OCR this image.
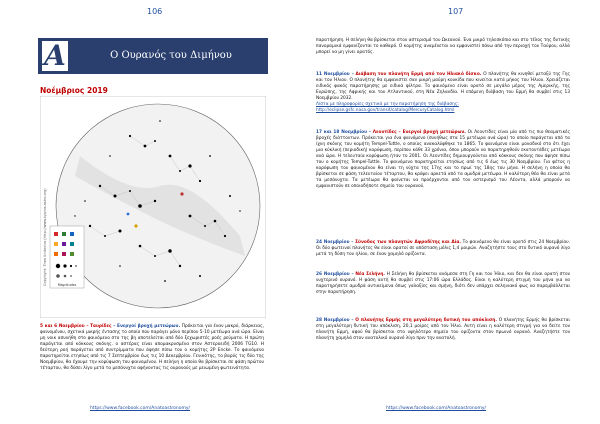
106	107
A	Ο Ουρανός του Διμήνου
Νοέμβριος 2019
Magnitudes
Copyright: Theo Knitonios (http://www.kypros-astro.org)

5 και 6 Νοεμβρίου – Ταυρίδες – Ενεργοί βροχή μετεώρων. Πρόκειται για έναν μακρύ, διάρκειας, φαινομένου, σχετικά μικρής έντασης το οποίο που παράγει μόνο περίπου 5-10 μετέωρα ανά ώρα. Είναι μη νοικ ασυνήθη στο φαινόμενο στο της βη αποτελείται από δύο ξεχωριστές ροές ρεύματα. Η πρώτη παράγεται από κόκκους σκόνης. ο αστέρας είναι απομακρυσμένα στον Αστεροειδή 2006 TG10. Η δεύτερη ροή παράγεται από συντρίμματα που άφησε πίσω του ο κομήτης 2P Encke. Το φαινόμενο παρατηρείται ετησίως από τις 7 Σεπτεμβρίου έως τις 10 Δεκεμβρίου. Γενικότης, το βαρύς τις δύο της Νοεμβρίου, θα έχουμε την κορύφωση του φαινομένου. Η σελήνη η οποία θα βρίσκεται σε φάση πρώτου τέταρτου, θα δύσει λίγο μετά τα μεσάνυχτα αφήνοντας τις ουρανούς με μειωμένη φωτεινότητα.

https://www.facebook.com/Anatoastronomy/

παρατήρηση. Η σελήνη θα βρίσκεται στον αστερισμό του Ωκεανού. Ένα μικρό τηλεσκόπιο και στο τέλος της δυτικής πανοραμικά εμφανίζονται το καθαρό. Ο κομήτης αναμένεται να εμφανιστεί πάνω από την περιοχή του Ταύρου, αλλά μπορεί να μη γίνει ορατός.

11 Νοεμβρίου – Διάβαση του πλανήτη Ερμή από τον Ηλιακό δίσκο. Ο πλανήτης θα κινηθεί μεταξύ της Γης και του Ήλιου. Ο πλανήτης θα εμφανιστεί σαν μικρή μαύρη κουκίδα που κινείται κατά μήκος του Ήλιου. Χρειάζεται ειδικός φακός παρατήρησης με ειδικά φίλτρα. Το φαινόμενο είναι ορατό σε μεγάλο μέρος της Αμερικής, της Ευρώπης, της Αφρικής και του Ατλαντικού, στη Νέα Ζηλανδία. Η επόμενη διάβαση του Ερμή θα συμβεί στις 13 Νοεμβρίου 2032.
Λίστα με πληροφορίες σχετικά με την παρατήρηση της διάβασης:
http://eclipse.gsfc.nasa.gov/transit/catalog/MercuryCatalog.html

17 και 18 Νοεμβρίου – Λεοντίδες – Ενεργοί βροχή μετεώρων. Οι Λεοντίδες είναι μία από τις πιο θεαματικές βροχές διάττοντων. Πρόκειται για ένα φαινόμενο (συνήθως στα 15 μετέωρα ανά ώρα) το οποίο παράγεται από τα ίχνη σκόνης του κομήτη Tempel-Tuttle, ο οποίος ανακαλύφθηκε το 1865. Το φαινόμενο είναι μοναδικό στο ότι έχει μια κύκλική (περιοδική) κορύφωση, περίπου κάθε 33 χρόνια, όπου μπορούν να παρατηρηθούν εκατοντάδες μετέωρα ανά ώρα. Η τελευταία κορύφωση ήταν το 2001. Οι Λεοντίδες δημιουργούνται από κόκκους σκόνης που άφησε πίσω του ο κομήτης Tempel-Tuttle. Το φαινόμενο παρατηρείται ετησίως από τις 6 έως τις 30 Νοεμβρίου. Για φέτος η κορύφωση του φαινομένου θα είναι τη νύχτα της 17ης και το πρωί της 18ης του μήνα. Η σελήνη η οποία θα βρίσκεται σε φάση τελευταίου τέταρτου, θα κρύψει αρκετά από τα αμυδρά μετέωρα. Η καλύτερη θέα θα είναι μετά τα μεσάνυχτα. Τα μετέωρα θα φαίνεται να προέρχονται από τον αστερισμό του Λέοντα, αλλά μπορούν να εμφανιστούν σε οποιοδήποτε σημείο του ουρανού.

24 Νοεμβρίου – Σύνοδος των πλανητών Αφροδίτης και Δία. Το φαινόμενο θα είναι ορατό στις 24 Νοεμβρίου. Οι δύο φωτεινοί πλανήτες θα είναι ορατοί σε απόσταση μόλις 1,4 μοιρών. Αναζητήστε τους στο δυτικό ουρανό λίγο μετά τη δύση του ηλίου, σε έναν χαμηλό ορίζοντα.

26 Νοεμβρίου – Νέα Σελήνη. Η Σελήνη θα βρίσκεται ανάμεσα στη Γη και τον Ήλιο, και δεν θα είναι ορατή στον νυχτερινό ουρανό. Η φάση αυτή θα συμβεί στις 17:06 ώρα Ελλάδος. Είναι η καλύτερη στιγμή του μήνα για να παρατηρήσετε αμυδρά αντικείμενα όπως γαλαξίες και σμήνη, διότι δεν υπάρχει σεληνιακό φως να παρεμβάλλεται στην παρατήρηση.

28 Νοεμβρίου – Ο πλανήτης Ερμής στη μεγαλύτερη δυτική του απόκλιση. Ο πλανήτης Ερμής θα βρίσκεται στη μεγαλύτερη δυτική του απόκλιση, 20,1 μοίρες από τον Ήλιο. Αυτή είναι η καλύτερη στιγμή για να δείτε τον πλανήτη Ερμή, αφού θα βρίσκεται στο υψηλότερο σημείο του ορίζοντα στον πρωινό ουρανό. Αναζητήστε τον πλανήτη χαμηλά στον ανατολικό ουρανό λίγο πριν την ανατολή.

https://www.facebook.com/Anatoastronomy/
